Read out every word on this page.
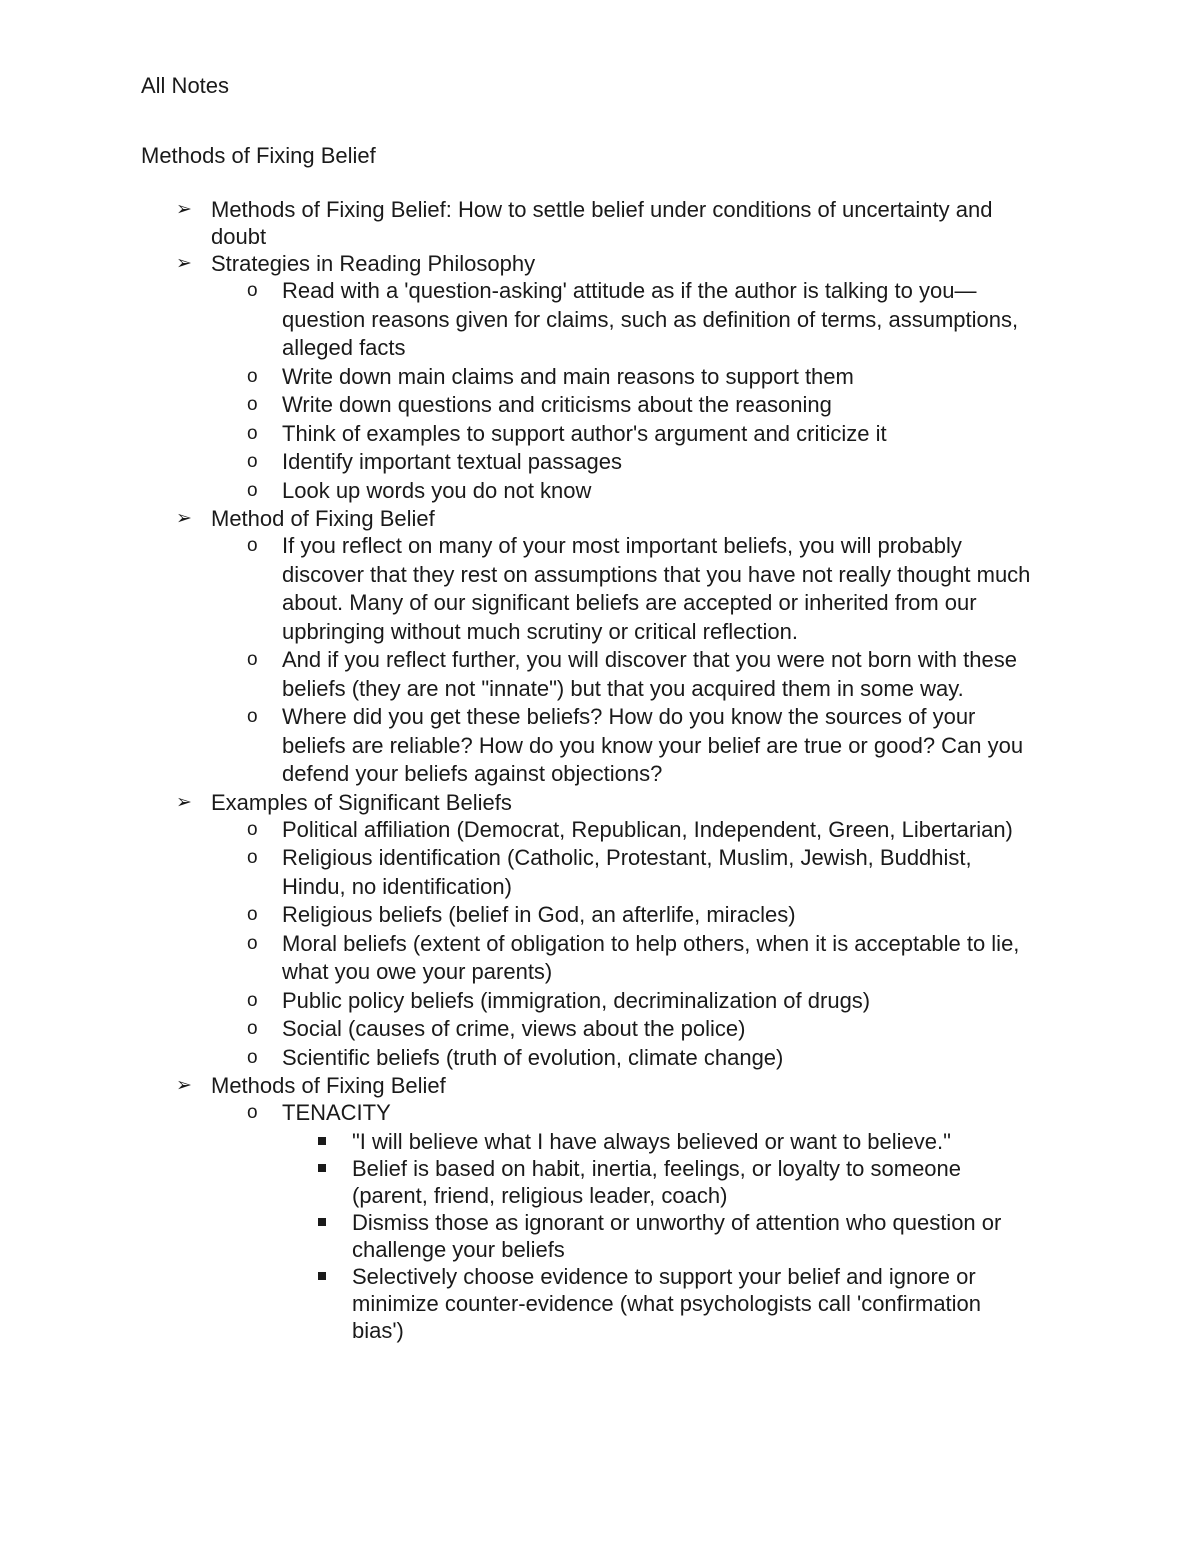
All Notes
Methods of Fixing Belief
➢ Methods of Fixing Belief: How to settle belief under conditions of uncertainty and doubt
➢ Strategies in Reading Philosophy
o Read with a 'question-asking' attitude as if the author is talking to you— question reasons given for claims, such as definition of terms, assumptions, alleged facts
o Write down main claims and main reasons to support them
o Write down questions and criticisms about the reasoning
o Think of examples to support author's argument and criticize it
o Identify important textual passages
o Look up words you do not know
➢ Method of Fixing Belief
o If you reflect on many of your most important beliefs, you will probably discover that they rest on assumptions that you have not really thought much about. Many of our significant beliefs are accepted or inherited from our upbringing without much scrutiny or critical reflection.
o And if you reflect further, you will discover that you were not born with these beliefs (they are not "innate") but that you acquired them in some way.
o Where did you get these beliefs? How do you know the sources of your beliefs are reliable? How do you know your belief are true or good? Can you defend your beliefs against objections?
➢ Examples of Significant Beliefs
o Political affiliation (Democrat, Republican, Independent, Green, Libertarian)
o Religious identification (Catholic, Protestant, Muslim, Jewish, Buddhist, Hindu, no identification)
o Religious beliefs (belief in God, an afterlife, miracles)
o Moral beliefs (extent of obligation to help others, when it is acceptable to lie, what you owe your parents)
o Public policy beliefs (immigration, decriminalization of drugs)
o Social (causes of crime, views about the police)
o Scientific beliefs (truth of evolution, climate change)
➢ Methods of Fixing Belief
o TENACITY
"I will believe what I have always believed or want to believe."
Belief is based on habit, inertia, feelings, or loyalty to someone (parent, friend, religious leader, coach)
Dismiss those as ignorant or unworthy of attention who question or challenge your beliefs
Selectively choose evidence to support your belief and ignore or minimize counter-evidence (what psychologists call 'confirmation bias')
